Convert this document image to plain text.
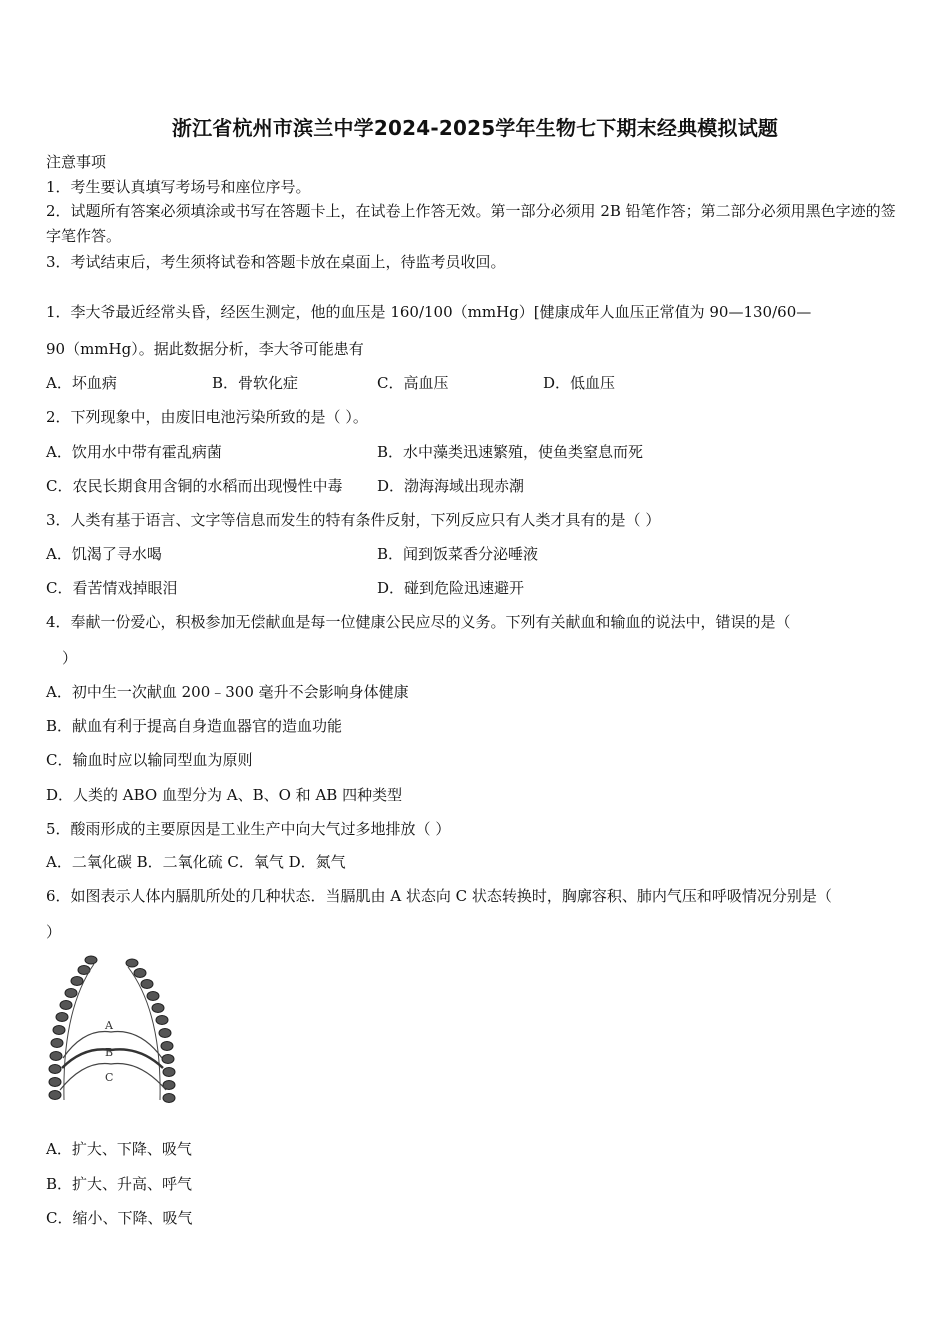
浙江省杭州市滨兰中学2024-2025学年生物七下期末经典模拟试题
注意事项
1．考生要认真填写考场号和座位序号。
2．试题所有答案必须填涂或书写在答题卡上，在试卷上作答无效。第一部分必须用 2B 铅笔作答；第二部分必须用黑色字迹的签字笔作答。
3．考试结束后，考生须将试卷和答题卡放在桌面上，待监考员收回。
1．李大爷最近经常头昏，经医生测定，他的血压是 160/100（mmHg）[健康成年人血压正常值为 90—130/60—
90（mmHg）。据此数据分析，李大爷可能患有
A．坏血病	B．骨软化症	C．高血压	D．低血压
2．下列现象中，由废旧电池污染所致的是（ ）。
A．饮用水中带有霍乱病菌	B．水中藻类迅速繁殖，使鱼类窒息而死
C．农民长期食用含铜的水稻而出现慢性中毒 D．渤海海域出现赤潮
3．人类有基于语言、文字等信息而发生的特有条件反射，下列反应只有人类才具有的是（ ）
A．饥渴了寻水喝	B．闻到饭菜香分泌唾液
C．看苦情戏掉眼泪	D．碰到危险迅速避开
4．奉献一份爱心，积极参加无偿献血是每一位健康公民应尽的义务。下列有关献血和输血的说法中，错误的是（
）
A．初中生一次献血 200﹣300 毫升不会影响身体健康
B．献血有利于提高自身造血器官的造血功能
C．输血时应以输同型血为原则
D．人类的 ABO 血型分为 A、B、O 和 AB 四种类型
5．酸雨形成的主要原因是工业生产中向大气过多地排放（ ）
A．二氧化碳 B．二氧化硫 C．氧气 D．氮气
6．如图表示人体内膈肌所处的几种状态．当膈肌由 A 状态向 C 状态转换时，胸廓容积、肺内气压和呼吸情况分别是（
）
A
B
C
A．扩大、下降、吸气
B．扩大、升高、呼气
C．缩小、下降、吸气
